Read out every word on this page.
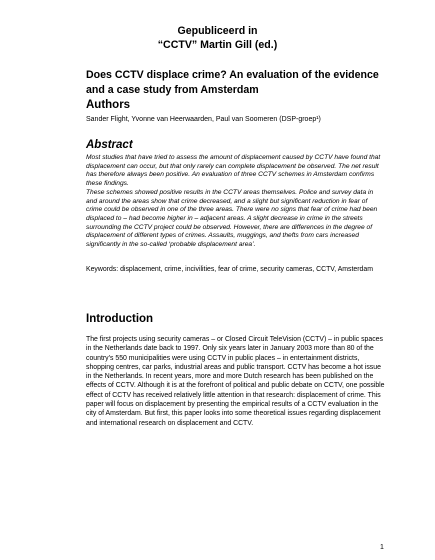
Gepubliceerd in
“CCTV” Martin Gill (ed.)
Does CCTV displace crime? An evaluation of the evidence and a case study from Amsterdam
Authors
Sander Flight, Yvonne van Heerwaarden, Paul van Soomeren (DSP-groep¹)
Abstract

Most studies that have tried to assess the amount of displacement caused by CCTV have found that displacement can occur, but that only rarely can complete displacement be observed. The net result has therefore always been positive. An evaluation of three CCTV schemes in Amsterdam confirms these findings.

These schemes showed positive results in the CCTV areas themselves. Police and survey data in and around the areas show that crime decreased, and a slight but significant reduction in fear of crime could be observed in one of the three areas. There were no signs that fear of crime had been displaced to – had become higher in – adjacent areas. A slight decrease in crime in the streets surrounding the CCTV project could be observed. However, there are differences in the degree of displacement of different types of crimes. Assaults, muggings, and thefts from cars increased significantly in the so-called ‘probable displacement area’.

Keywords: displacement, crime, incivilities, fear of crime, security cameras, CCTV, Amsterdam
Introduction
The first projects using security cameras – or Closed Circuit TeleVision (CCTV) – in public spaces in the Netherlands date back to 1997. Only six years later in January 2003 more than 80 of the country’s 550 municipalities were using CCTV in public places – in entertainment districts, shopping centres, car parks, industrial areas and public transport. CCTV has become a hot issue in the Netherlands. In recent years, more and more Dutch research has been published on the effects of CCTV. Although it is at the forefront of political and public debate on CCTV, one possible effect of CCTV has received relatively little attention in that research: displacement of crime. This paper will focus on displacement by presenting the empirical results of a CCTV evaluation in the city of Amsterdam. But first, this paper looks into some theoretical issues regarding displacement and international research on displacement and CCTV.
1
